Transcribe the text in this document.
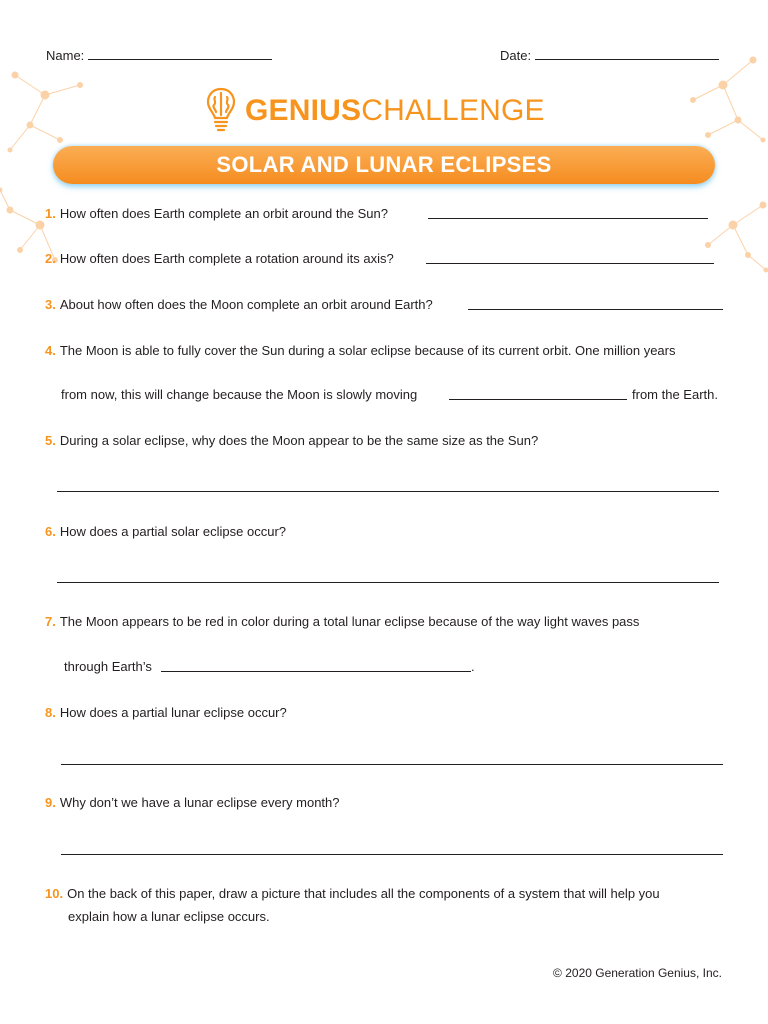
Name:	Date:
GENIUSCHALLENGE
SOLAR AND LUNAR ECLIPSES
1. How often does Earth complete an orbit around the Sun?
2. How often does Earth complete a rotation around its axis?
3. About how often does the Moon complete an orbit around Earth?
4. The Moon is able to fully cover the Sun during a solar eclipse because of its current orbit. One million years
from now, this will change because the Moon is slowly moving	from the Earth.
5. During a solar eclipse, why does the Moon appear to be the same size as the Sun?
6. How does a partial solar eclipse occur?
7. The Moon appears to be red in color during a total lunar eclipse because of the way light waves pass
through Earth’s	.
8. How does a partial lunar eclipse occur?
9. Why don’t we have a lunar eclipse every month?
10. On the back of this paper, draw a picture that includes all the components of a system that will help you
explain how a lunar eclipse occurs.
© 2020 Generation Genius, Inc.
